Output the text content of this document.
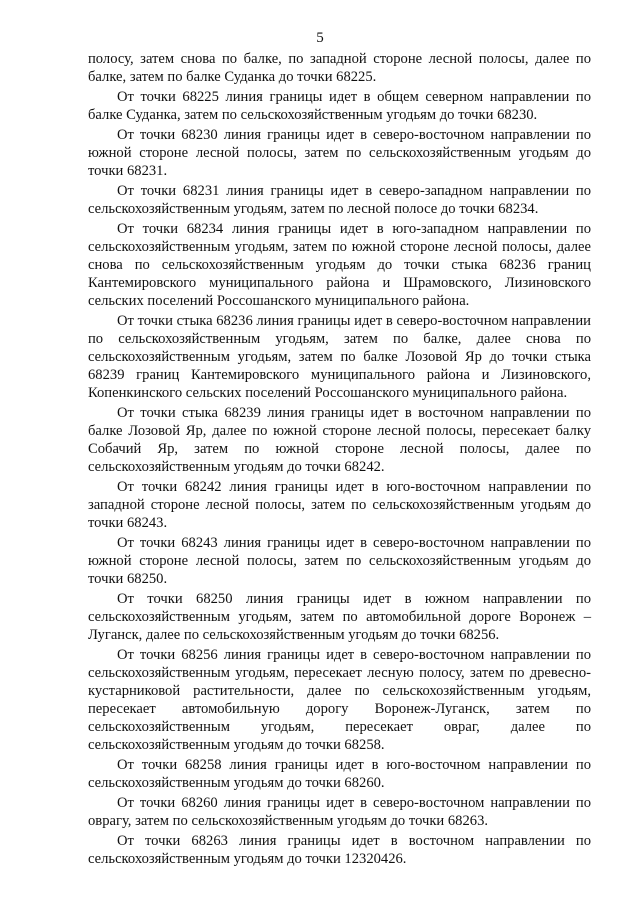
5

полосу, затем снова по балке, по западной стороне лесной полосы, далее по балке, затем по балке Суданка до точки 68225.

От точки 68225 линия границы идет в общем северном направлении по балке Суданка, затем по сельскохозяйственным угодьям до точки 68230.

От точки 68230 линия границы идет в северо-восточном направлении по южной стороне лесной полосы, затем по сельскохозяйственным угодьям до точки 68231.

От точки 68231 линия границы идет в северо-западном направлении по сельскохозяйственным угодьям, затем по лесной полосе до точки 68234.

От точки 68234 линия границы идет в юго-западном направлении по сельскохозяйственным угодьям, затем по южной стороне лесной полосы, далее снова по сельскохозяйственным угодьям до точки стыка 68236 границ Кантемировского муниципального района и Шрамовского, Лизиновского сельских поселений Россошанского муниципального района.

От точки стыка 68236 линия границы идет в северо-восточном направлении по сельскохозяйственным угодьям, затем по балке, далее снова по сельскохозяйственным угодьям, затем по балке Лозовой Яр до точки стыка 68239 границ Кантемировского муниципального района и Лизиновского, Копенкинского сельских поселений Россошанского муниципального района.

От точки стыка 68239 линия границы идет в восточном направлении по балке Лозовой Яр, далее по южной стороне лесной полосы, пересекает балку Собачий Яр, затем по южной стороне лесной полосы, далее по сельскохозяйственным угодьям до точки 68242.

От точки 68242 линия границы идет в юго-восточном направлении по западной стороне лесной полосы, затем по сельскохозяйственным угодьям до точки 68243.

От точки 68243 линия границы идет в северо-восточном направлении по южной стороне лесной полосы, затем по сельскохозяйственным угодьям до точки 68250.

От точки 68250 линия границы идет в южном направлении по сельскохозяйственным угодьям, затем по автомобильной дороге Воронеж – Луганск, далее по сельскохозяйственным угодьям до точки 68256.

От точки 68256 линия границы идет в северо-восточном направлении по сельскохозяйственным угодьям, пересекает лесную полосу, затем по древесно-кустарниковой растительности, далее по сельскохозяйственным угодьям, пересекает автомобильную дорогу Воронеж-Луганск, затем по сельскохозяйственным угодьям, пересекает овраг, далее по сельскохозяйственным угодьям до точки 68258.

От точки 68258 линия границы идет в юго-восточном направлении по сельскохозяйственным угодьям до точки 68260.

От точки 68260 линия границы идет в северо-восточном направлении по оврагу, затем по сельскохозяйственным угодьям до точки 68263.

От точки 68263 линия границы идет в восточном направлении по сельскохозяйственным угодьям до точки 12320426.
